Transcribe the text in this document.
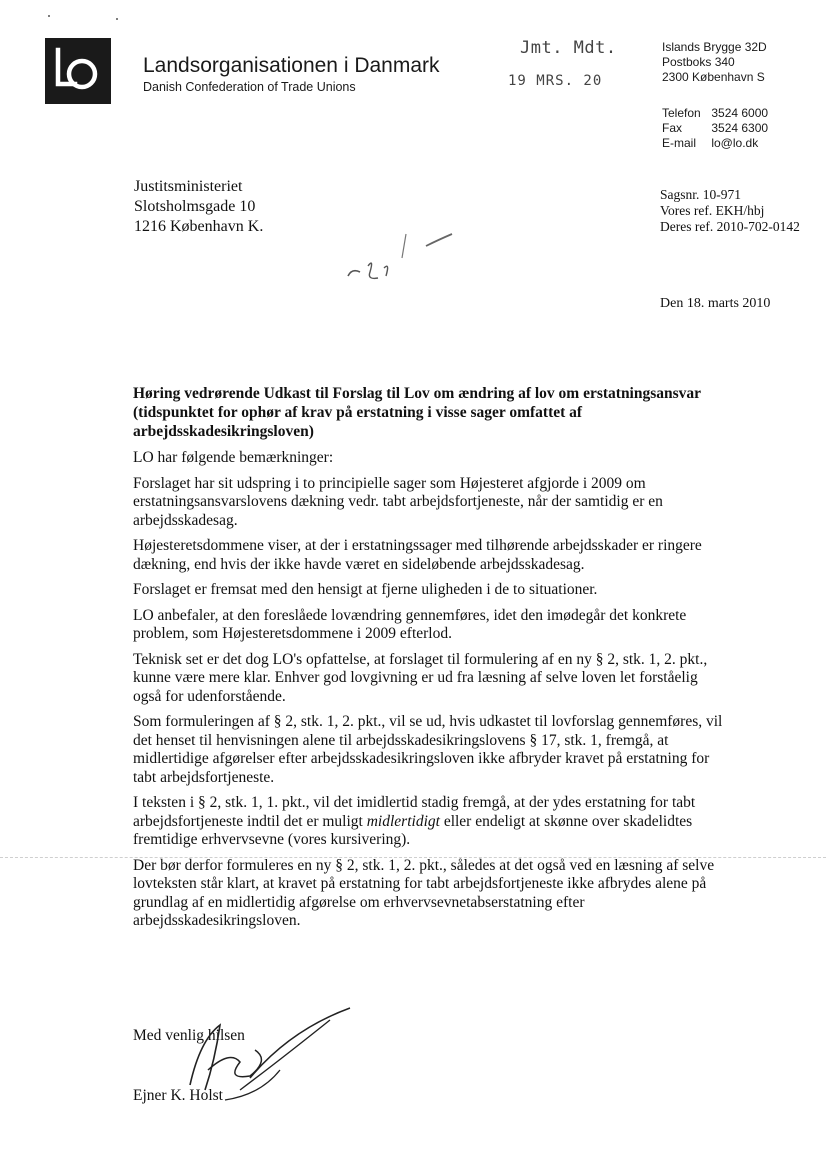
Landsorganisationen i Danmark
Danish Confederation of Trade Unions
Jmt. Mdt.
19 MRS. 20
Islands Brygge 32D
Postboks 340
2300 København S
Telefon 3524 6000
Fax 3524 6300
E-mail lo@lo.dk
Justitsministeriet
Slotsholmsgade 10
1216 København K.
Sagsnr. 10-971
Vores ref. EKH/hbj
Deres ref. 2010-702-0142
Den 18. marts 2010
Høring vedrørende Udkast til Forslag til Lov om ændring af lov om erstatningsansvar (tidspunktet for ophør af krav på erstatning i visse sager omfattet af arbejdsskadesikringsloven)

LO har følgende bemærkninger:

Forslaget har sit udspring i to principielle sager som Højesteret afgjorde i 2009 om erstatningsansvarslovens dækning vedr. tabt arbejdsfortjeneste, når der samtidig er en arbejdsskadesag.

Højesteretsdommene viser, at der i erstatningssager med tilhørende arbejdsskader er ringere dækning, end hvis der ikke havde været en sideløbende arbejdsskadesag.

Forslaget er fremsat med den hensigt at fjerne uligheden i de to situationer.

LO anbefaler, at den foreslåede lovændring gennemføres, idet den imødegår det konkrete problem, som Højesteretsdommene i 2009 efterlod.

Teknisk set er det dog LO's opfattelse, at forslaget til formulering af en ny § 2, stk. 1, 2. pkt., kunne være mere klar. Enhver god lovgivning er ud fra læsning af selve loven let forståelig også for udenforstående.

Som formuleringen af § 2, stk. 1, 2. pkt., vil se ud, hvis udkastet til lovforslag gennemføres, vil det henset til henvisningen alene til arbejdsskadesikringslovens § 17, stk. 1, fremgå, at midlertidige afgørelser efter arbejdsskadesikringsloven ikke afbryder kravet på erstatning for tabt arbejdsfortjeneste.

I teksten i § 2, stk. 1, 1. pkt., vil det imidlertid stadig fremgå, at der ydes erstatning for tabt arbejdsfortjeneste indtil det er muligt midlertidigt eller endeligt at skønne over skadelidtes fremtidige erhvervsevne (vores kursivering).

Der bør derfor formuleres en ny § 2, stk. 1, 2. pkt., således at det også ved en læsning af selve lovteksten står klart, at kravet på erstatning for tabt arbejdsfortjeneste ikke afbrydes alene på grundlag af en midlertidig afgørelse om erhvervsevnetabserstatning efter arbejdsskadesikringsloven.

Med venlig hilsen
Ejner K. Holst
